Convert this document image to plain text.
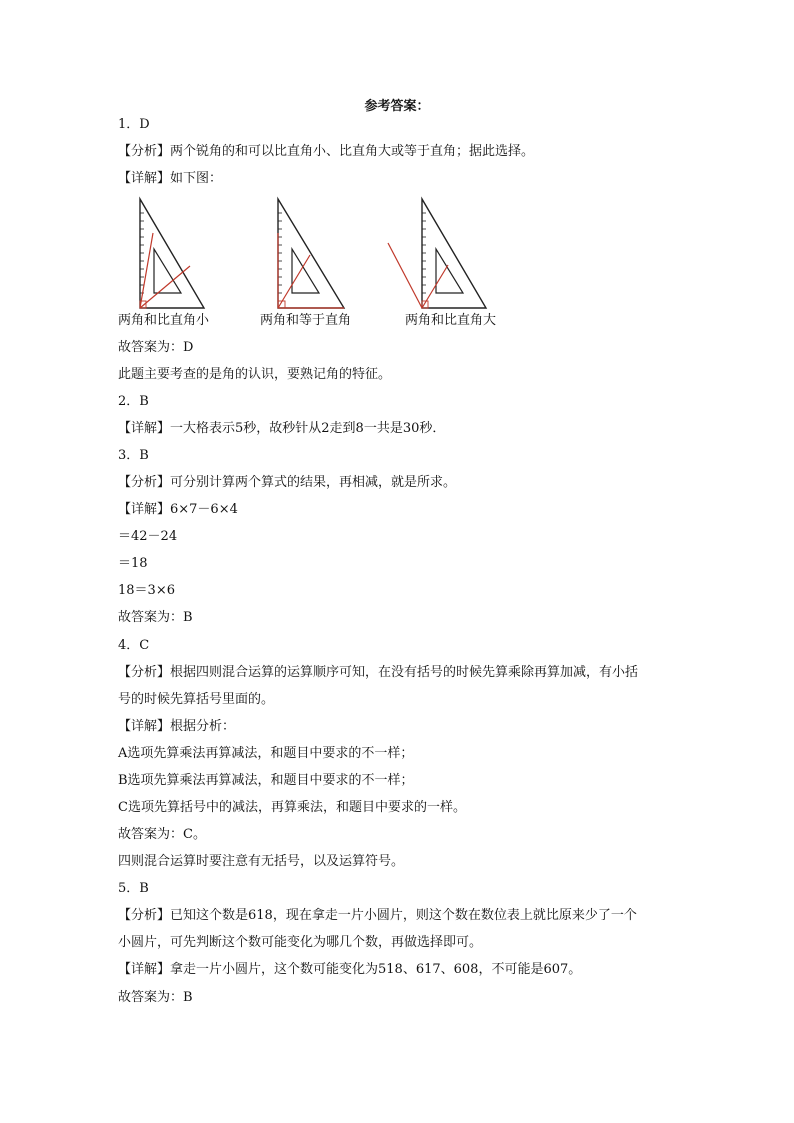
参考答案：
1．D
【分析】两个锐角的和可以比直角小、比直角大或等于直角；据此选择。
【详解】如下图：
两角和比直角小	两角和等于直角	两角和比直角大
故答案为：D
此题主要考查的是角的认识，要熟记角的特征。
2．B
【详解】一大格表示5秒，故秒针从2走到8一共是30秒．
3．B
【分析】可分别计算两个算式的结果，再相减，就是所求。
【详解】6×7－6×4
＝42－24
＝18
18＝3×6
故答案为：B
4．C
【分析】根据四则混合运算的运算顺序可知，在没有括号的时候先算乘除再算加减，有小括
号的时候先算括号里面的。
【详解】根据分析：
A选项先算乘法再算减法，和题目中要求的不一样；
B选项先算乘法再算减法，和题目中要求的不一样；
C选项先算括号中的减法，再算乘法，和题目中要求的一样。
故答案为：C。
四则混合运算时要注意有无括号，以及运算符号。
5．B
【分析】已知这个数是618，现在拿走一片小圆片，则这个数在数位表上就比原来少了一个
小圆片，可先判断这个数可能变化为哪几个数，再做选择即可。
【详解】拿走一片小圆片，这个数可能变化为518、617、608，不可能是607。
故答案为：B
